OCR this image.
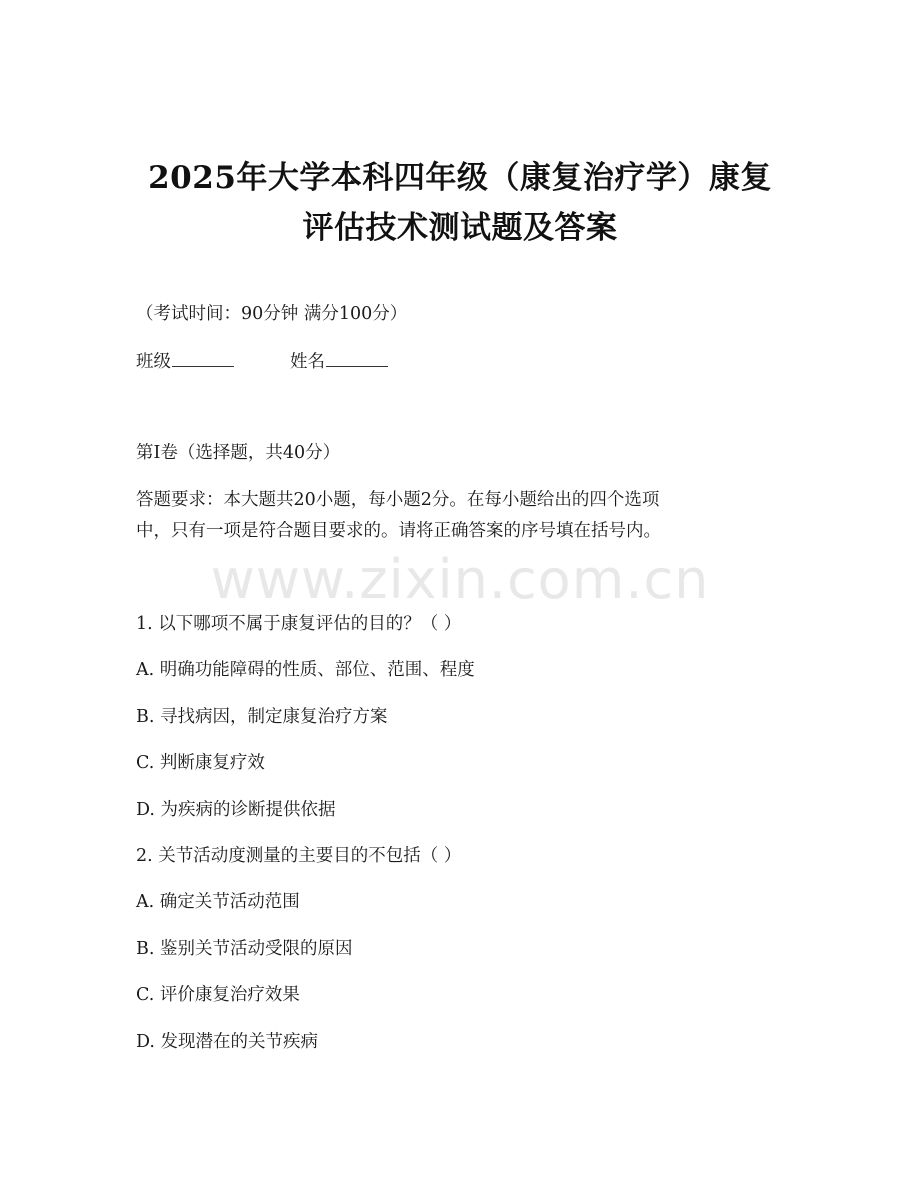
2025年大学本科四年级（康复治疗学）康复
评估技术测试题及答案
（考试时间：90分钟 满分100分）
班级	姓名
第I卷（选择题，共40分）
答题要求：本大题共20小题，每小题2分。在每小题给出的四个选项
中，只有一项是符合题目要求的。请将正确答案的序号填在括号内。
www.zixin.com.cn
1. 以下哪项不属于康复评估的目的？（ ）
A. 明确功能障碍的性质、部位、范围、程度
B. 寻找病因，制定康复治疗方案
C. 判断康复疗效
D. 为疾病的诊断提供依据
2. 关节活动度测量的主要目的不包括（ ）
A. 确定关节活动范围
B. 鉴别关节活动受限的原因
C. 评价康复治疗效果
D. 发现潜在的关节疾病
